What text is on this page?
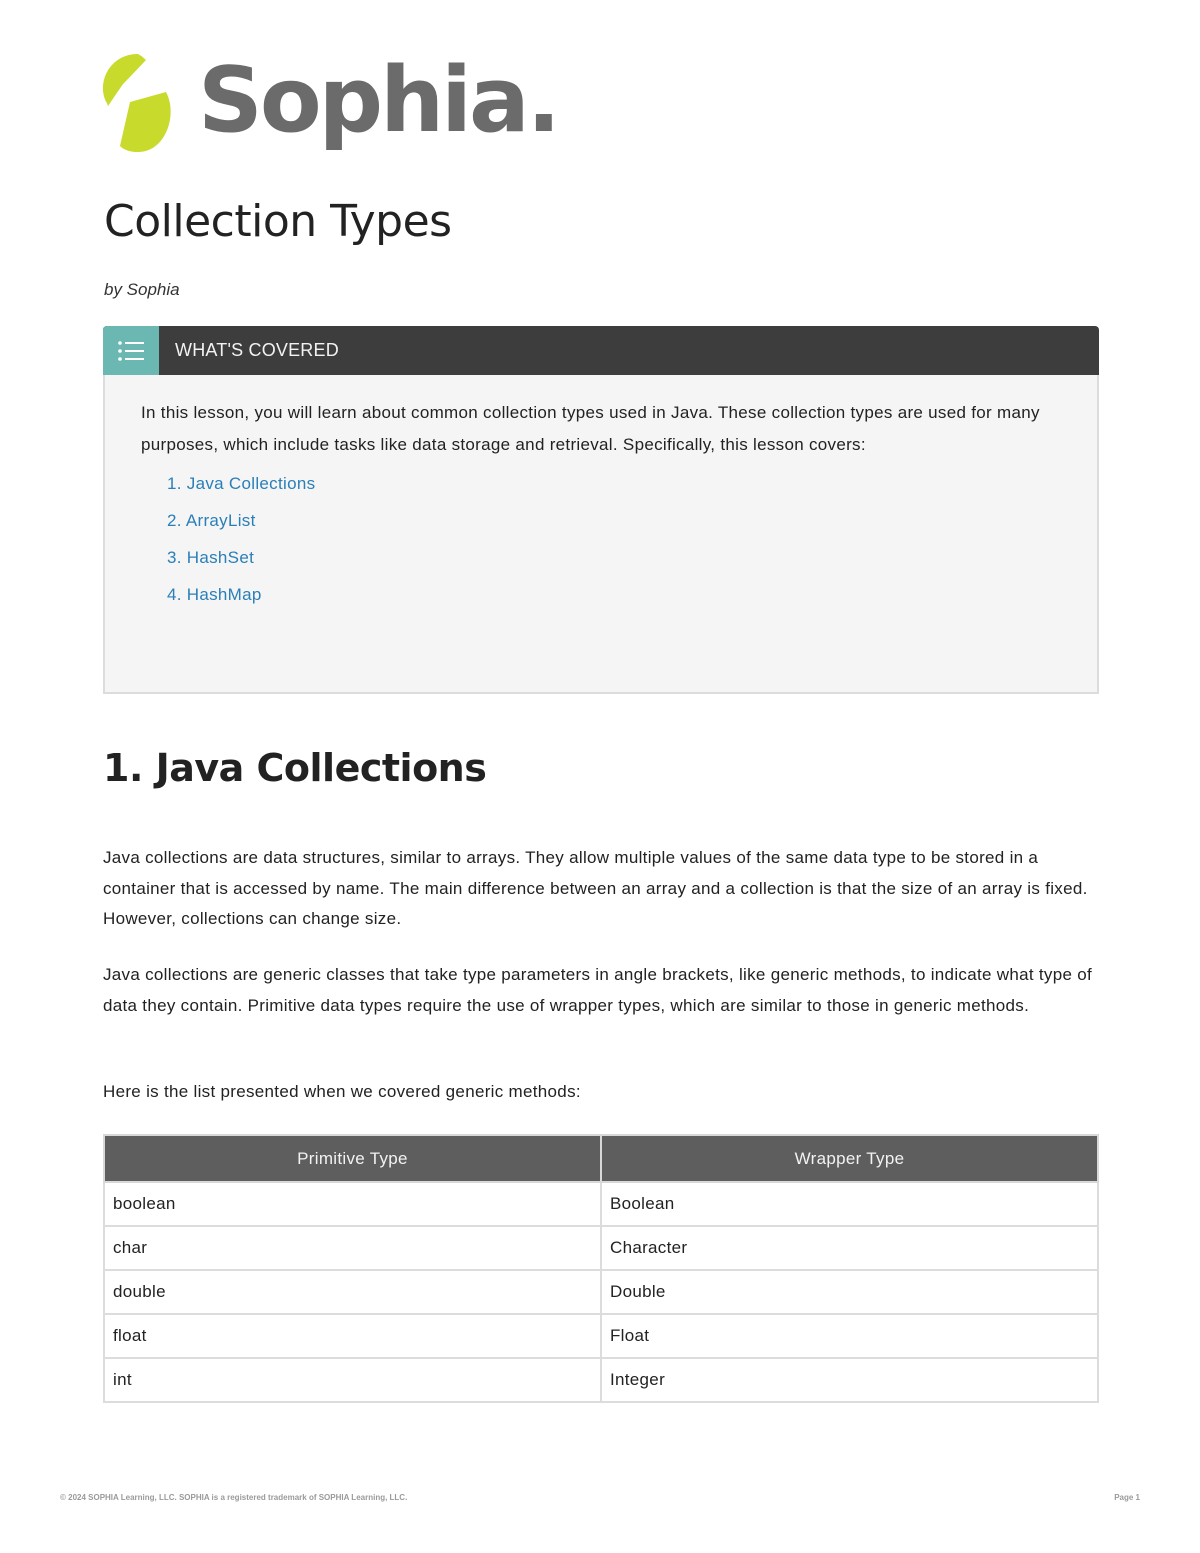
Sophia.
Collection Types
by Sophia
WHAT'S COVERED

In this lesson, you will learn about common collection types used in Java. These collection types are used for many purposes, which include tasks like data storage and retrieval. Specifically, this lesson covers:

1. Java Collections
2. ArrayList
3. HashSet
4. HashMap
1. Java Collections

Java collections are data structures, similar to arrays. They allow multiple values of the same data type to be stored in a container that is accessed by name. The main difference between an array and a collection is that the size of an array is fixed. However, collections can change size.

Java collections are generic classes that take type parameters in angle brackets, like generic methods, to indicate what type of data they contain. Primitive data types require the use of wrapper types, which are similar to those in generic methods.

Here is the list presented when we covered generic methods:

Primitive Type	Wrapper Type
boolean	Boolean
char	Character
double	Double
float	Float
int	Integer
© 2024 SOPHIA Learning, LLC. SOPHIA is a registered trademark of SOPHIA Learning, LLC.	Page 1
